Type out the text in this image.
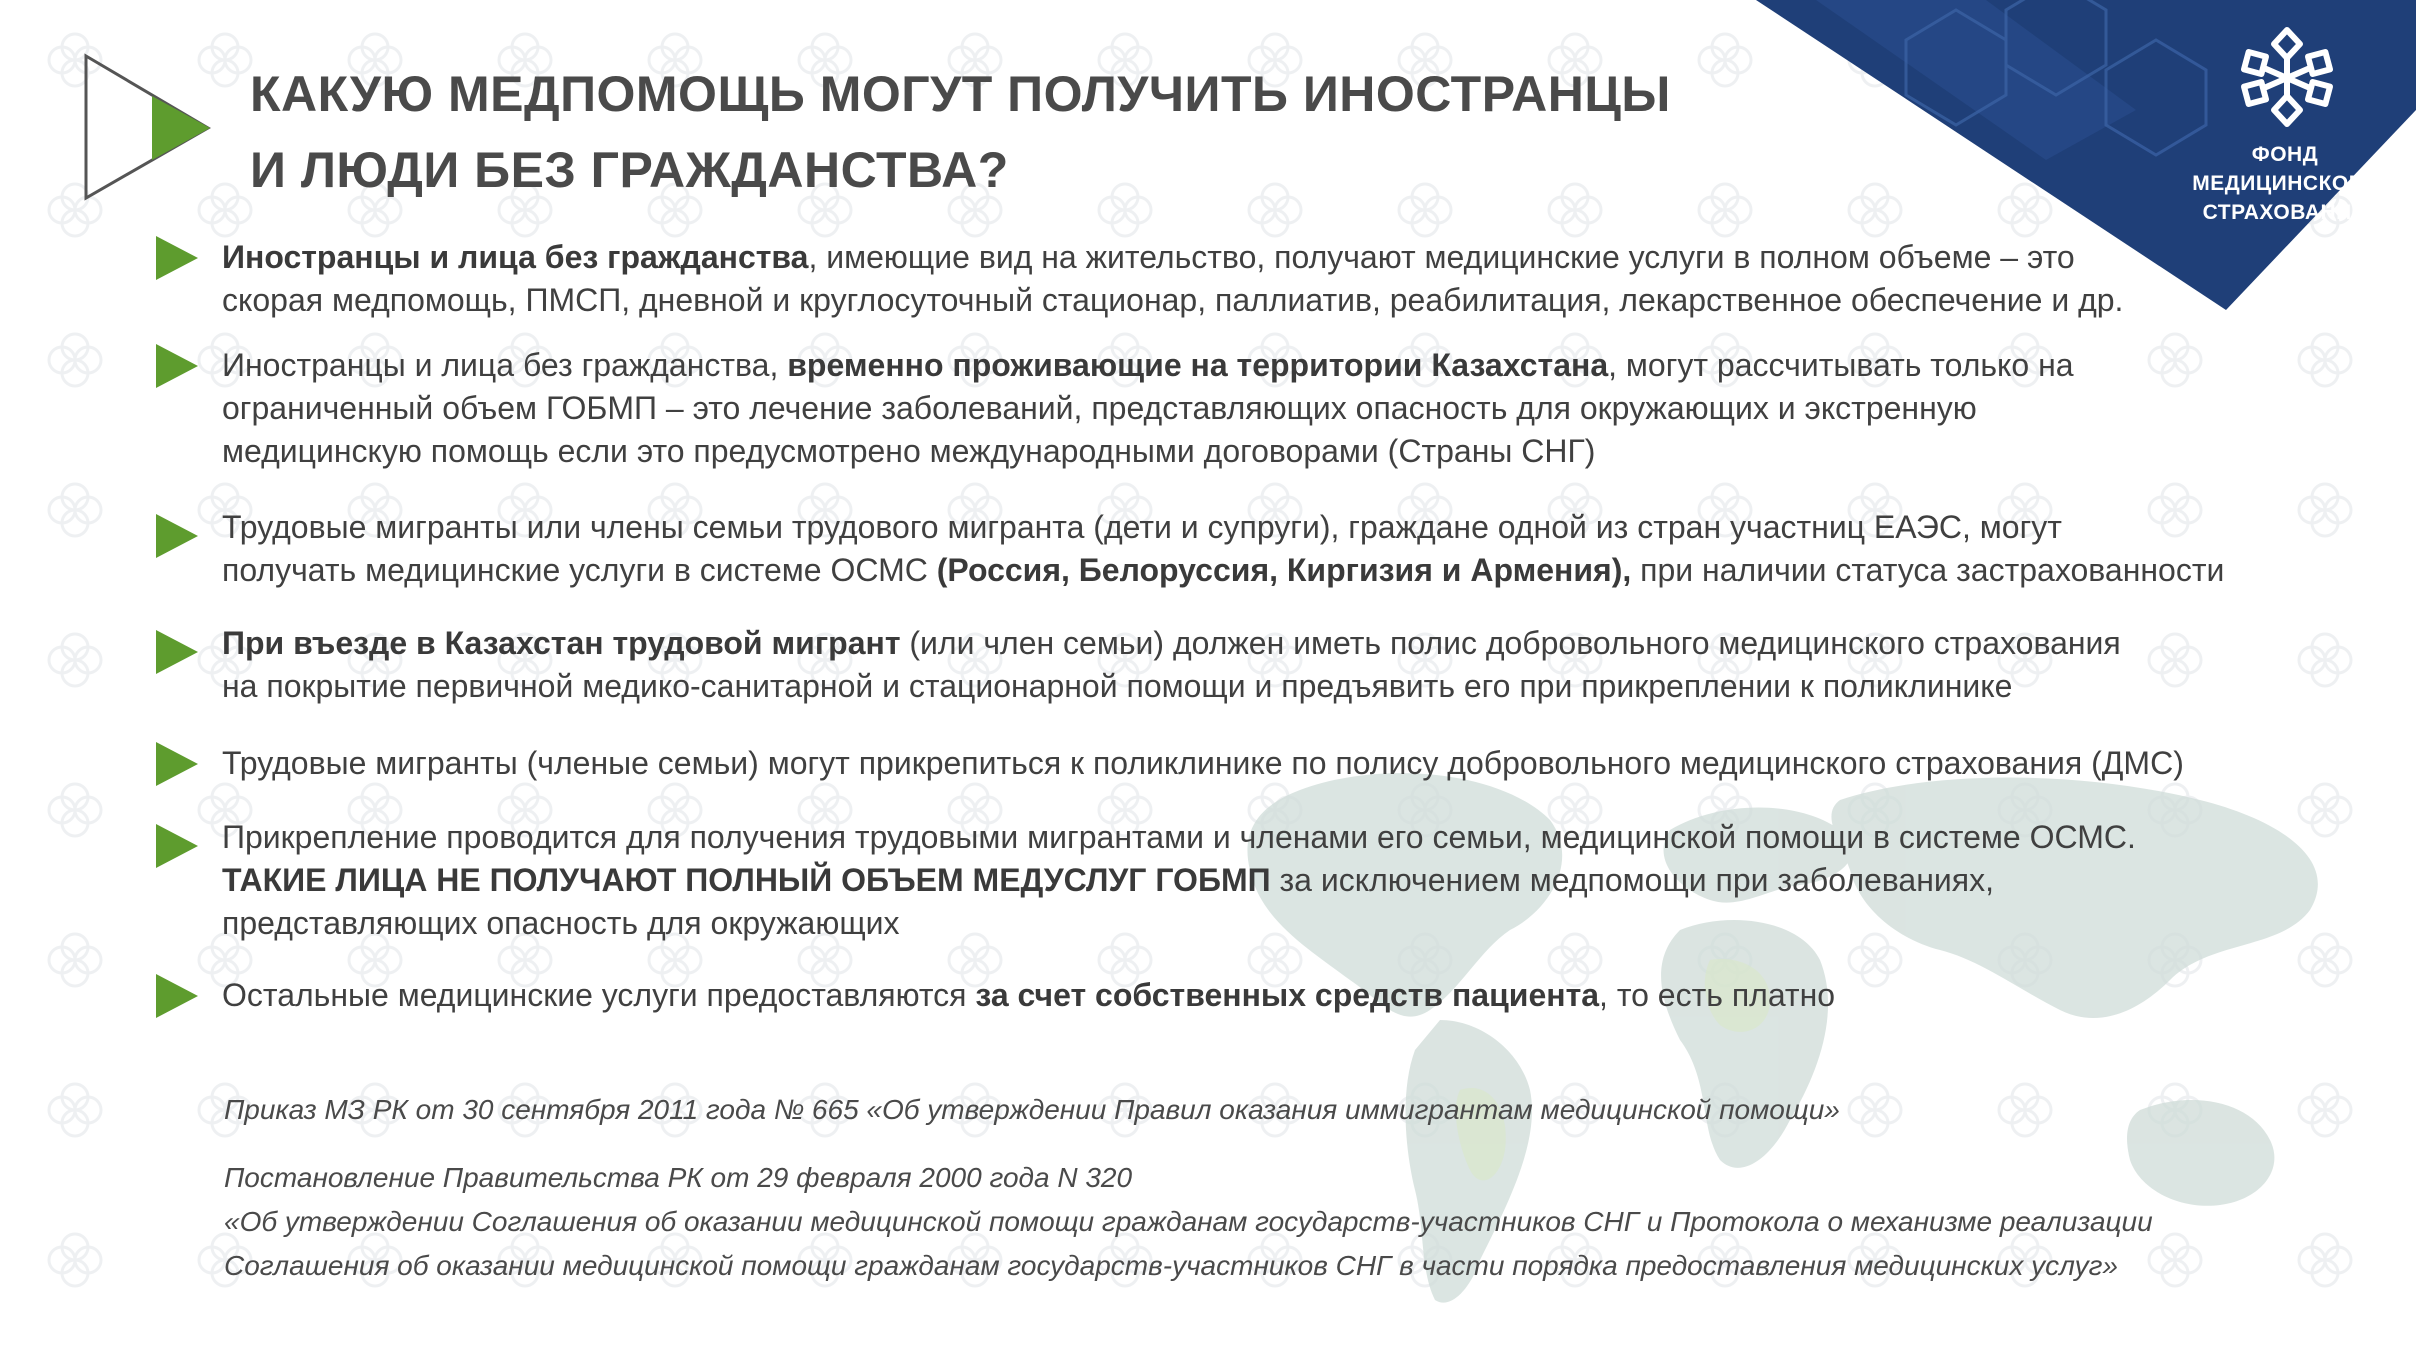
ФОНД
МЕДИЦИНСКОГО
СТРАХОВАНИЯ
КАКУЮ МЕДПОМОЩЬ МОГУТ ПОЛУЧИТЬ ИНОСТРАНЦЫ
И ЛЮДИ БЕЗ ГРАЖДАНСТВА?
Иностранцы и лица без гражданства, имеющие вид на жительство, получают медицинские услуги в полном объеме – это
скорая медпомощь, ПМСП, дневной и круглосуточный стационар, паллиатив, реабилитация, лекарственное обеспечение и др.
Иностранцы и лица без гражданства, временно проживающие на территории Казахстана, могут рассчитывать только на
ограниченный объем ГОБМП – это лечение заболеваний, представляющих опасность для окружающих и экстренную
медицинскую помощь если это предусмотрено международными договорами (Страны СНГ)
Трудовые мигранты или члены семьи трудового мигранта (дети и супруги), граждане одной из стран участниц ЕАЭС, могут
получать медицинские услуги в системе ОСМС (Россия, Белоруссия, Киргизия и Армения), при наличии статуса застрахованности
При въезде в Казахстан трудовой мигрант (или член семьи) должен иметь полис добровольного медицинского страхования
на покрытие первичной медико-санитарной и стационарной помощи и предъявить его при прикреплении к поликлинике
Трудовые мигранты (членые семьи) могут прикрепиться к поликлинике по полису добровольного медицинского страхования (ДМС)
Прикрепление проводится для получения трудовыми мигрантами и членами его семьи, медицинской помощи в системе ОСМС.
ТАКИЕ ЛИЦА НЕ ПОЛУЧАЮТ ПОЛНЫЙ ОБЪЕМ МЕДУСЛУГ ГОБМП за исключением медпомощи при заболеваниях,
представляющих опасность для окружающих
Остальные медицинские услуги предоставляются за счет собственных средств пациента, то есть платно

Приказ МЗ РК от 30 сентября 2011 года № 665 «Об утверждении Правил оказания иммигрантам медицинской помощи»

Постановление Правительства РК от 29 февраля 2000 года N 320

«Об утверждении Соглашения об оказании медицинской помощи гражданам государств-участников СНГ и Протокола о механизме реализации

Соглашения об оказании медицинской помощи гражданам государств-участников СНГ в части порядка предоставления медицинских услуг»
